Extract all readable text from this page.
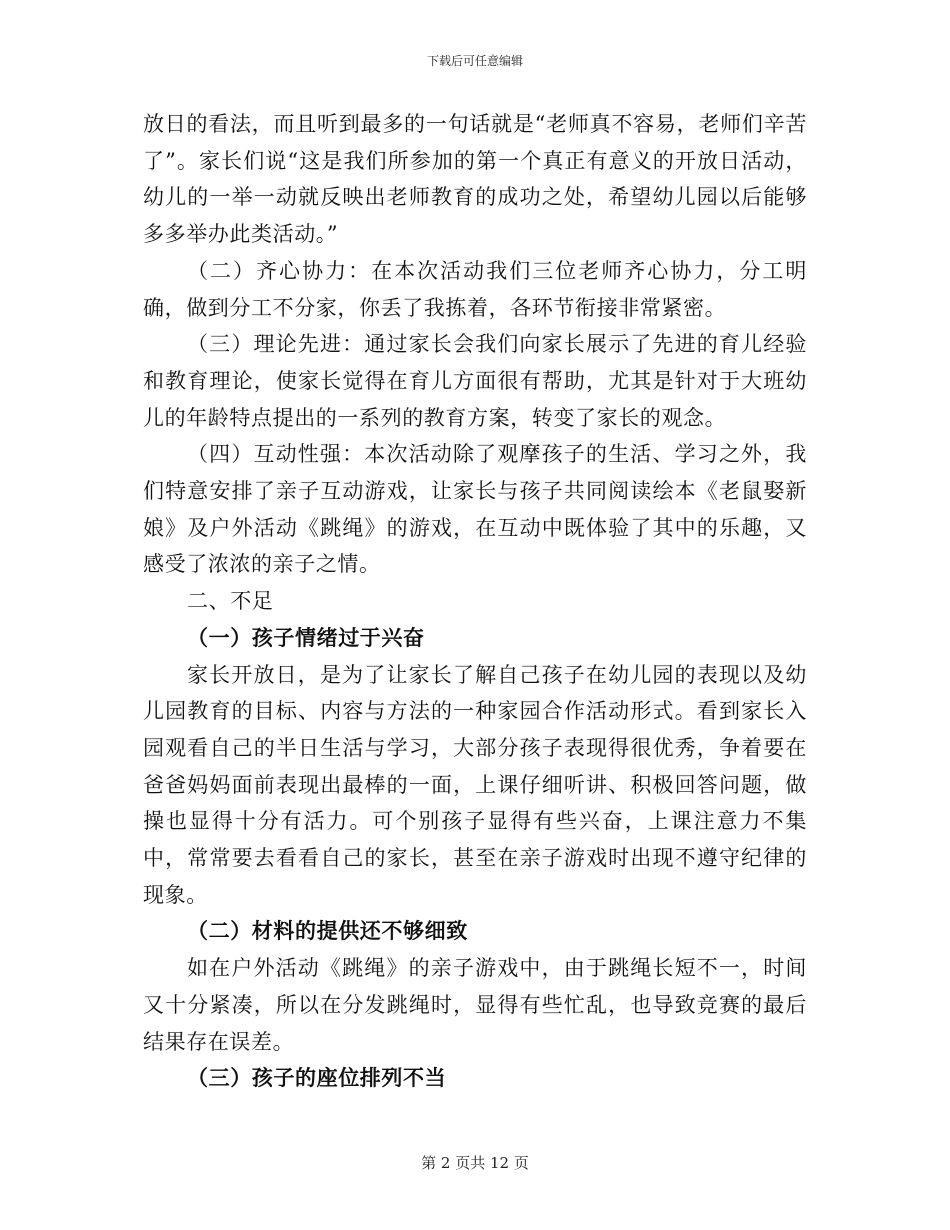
下载后可任意编辑

放日的看法，而且听到最多的一句话就是“老师真不容易，老师们辛苦了”。家长们说“这是我们所参加的第一个真正有意义的开放日活动，幼儿的一举一动就反映出老师教育的成功之处，希望幼儿园以后能够多多举办此类活动。”

（二）齐心协力：在本次活动我们三位老师齐心协力，分工明确，做到分工不分家，你丢了我拣着，各环节衔接非常紧密。

（三）理论先进：通过家长会我们向家长展示了先进的育儿经验和教育理论，使家长觉得在育儿方面很有帮助，尤其是针对于大班幼儿的年龄特点提出的一系列的教育方案，转变了家长的观念。

（四）互动性强：本次活动除了观摩孩子的生活、学习之外，我们特意安排了亲子互动游戏，让家长与孩子共同阅读绘本《老鼠娶新娘》及户外活动《跳绳》的游戏，在互动中既体验了其中的乐趣，又感受了浓浓的亲子之情。

二、不足

（一）孩子情绪过于兴奋

家长开放日，是为了让家长了解自己孩子在幼儿园的表现以及幼儿园教育的目标、内容与方法的一种家园合作活动形式。看到家长入园观看自己的半日生活与学习，大部分孩子表现得很优秀，争着要在爸爸妈妈面前表现出最棒的一面，上课仔细听讲、积极回答问题，做操也显得十分有活力。可个别孩子显得有些兴奋，上课注意力不集中，常常要去看看自己的家长，甚至在亲子游戏时出现不遵守纪律的现象。

（二）材料的提供还不够细致

如在户外活动《跳绳》的亲子游戏中，由于跳绳长短不一，时间又十分紧凑，所以在分发跳绳时，显得有些忙乱，也导致竞赛的最后结果存在误差。

（三）孩子的座位排列不当

第 2 页共 12 页
